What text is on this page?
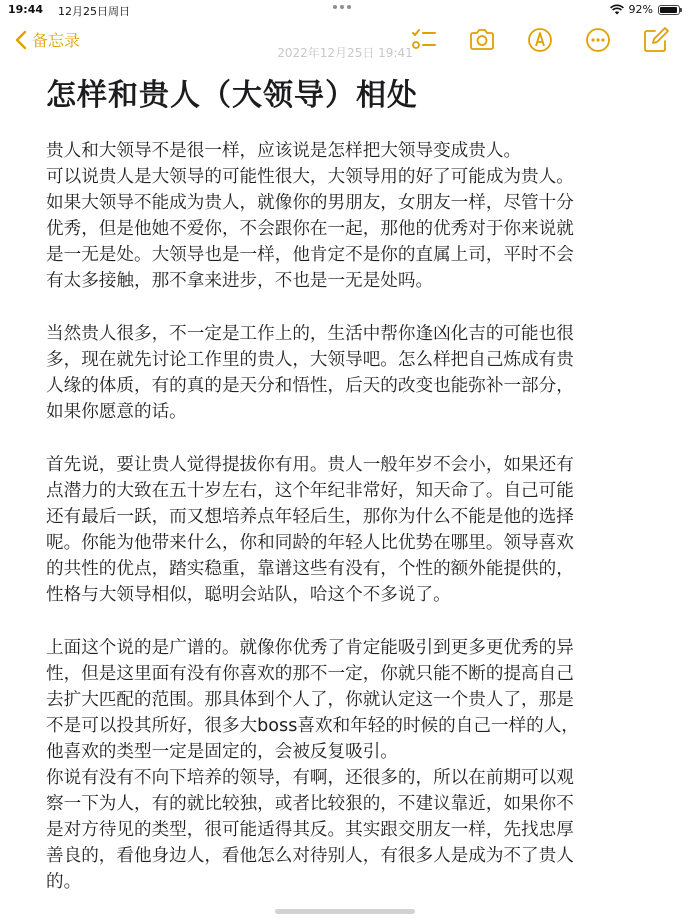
19:44 12月25日周日	92%
备忘录
2022年12月25日 19:41
怎样和贵人（大领导）相处

贵人和大领导不是很一样，应该说是怎样把大领导变成贵人。

可以说贵人是大领导的可能性很大，大领导用的好了可能成为贵人。

如果大领导不能成为贵人，就像你的男朋友，女朋友一样，尽管十分

优秀，但是他她不爱你，不会跟你在一起，那他的优秀对于你来说就

是一无是处。大领导也是一样，他肯定不是你的直属上司，平时不会

有太多接触，那不拿来进步，不也是一无是处吗。

当然贵人很多，不一定是工作上的，生活中帮你逢凶化吉的可能也很

多，现在就先讨论工作里的贵人，大领导吧。怎么样把自己炼成有贵

人缘的体质，有的真的是天分和悟性，后天的改变也能弥补一部分，

如果你愿意的话。

首先说，要让贵人觉得提拔你有用。贵人一般年岁不会小，如果还有

点潜力的大致在五十岁左右，这个年纪非常好，知天命了。自己可能

还有最后一跃，而又想培养点年轻后生，那你为什么不能是他的选择

呢。你能为他带来什么，你和同龄的年轻人比优势在哪里。领导喜欢

的共性的优点，踏实稳重，靠谱这些有没有，个性的额外能提供的，

性格与大领导相似，聪明会站队，哈这个不多说了。

上面这个说的是广谱的。就像你优秀了肯定能吸引到更多更优秀的异

性，但是这里面有没有你喜欢的那不一定，你就只能不断的提高自己

去扩大匹配的范围。那具体到个人了，你就认定这一个贵人了，那是

不是可以投其所好，很多大boss喜欢和年轻的时候的自己一样的人，

他喜欢的类型一定是固定的，会被反复吸引。

你说有没有不向下培养的领导，有啊，还很多的，所以在前期可以观

察一下为人，有的就比较独，或者比较狠的，不建议靠近，如果你不

是对方待见的类型，很可能适得其反。其实跟交朋友一样，先找忠厚

善良的，看他身边人，看他怎么对待别人，有很多人是成为不了贵人

的。
